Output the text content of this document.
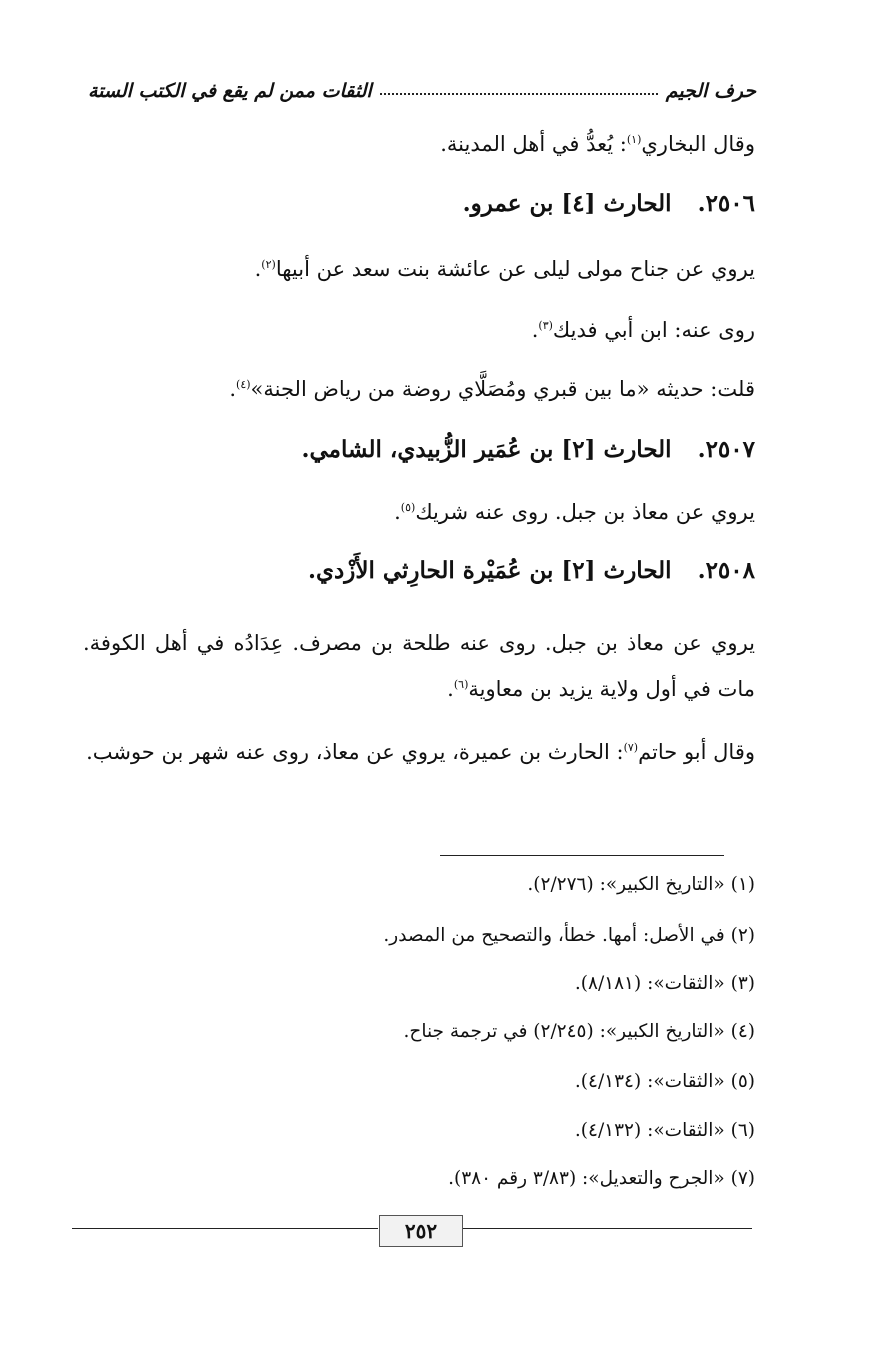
حرف الجيم
الثقات ممن لم يقع في الكتب الستة
وقال البخاري$^{(١)}$: يُعدُّ في أهل المدينة.
٢٥٠٦.الحارث [٤] بن عمرو.
يروي عن جناح مولى ليلى عن عائشة بنت سعد عن أبيها$^{(٢)}$.
روى عنه: ابن أبي فديك$^{(٣)}$.
قلت: حديثه «ما بين قبري ومُصَلَّاي روضة من رياض الجنة»$^{(٤)}$.
٢٥٠٧.الحارث [٢] بن عُمَير الزُّبيدي، الشامي.
يروي عن معاذ بن جبل. روى عنه شريك$^{(٥)}$.
٢٥٠٨.الحارث [٢] بن عُمَيْرة الحارِثي الأَزْدي.
يروي عن معاذ بن جبل. روى عنه طلحة بن مصرف. عِدَادُه في أهل الكوفة. مات في أول ولاية يزيد بن معاوية$^{(٦)}$.
وقال أبو حاتم$^{(٧)}$: الحارث بن عميرة، يروي عن معاذ، روى عنه شهر بن حوشب.
(١) «التاريخ الكبير»: (٢/٢٧٦).
(٢) في الأصل: أمها. خطأ، والتصحيح من المصدر.
(٣) «الثقات»: (٨/١٨١).
(٤) «التاريخ الكبير»: (٢/٢٤٥) في ترجمة جناح.
(٥) «الثقات»: (٤/١٣٤).
(٦) «الثقات»: (٤/١٣٢).
(٧) «الجرح والتعديل»: (٣/٨٣ رقم ٣٨٠).
٢٥٢
